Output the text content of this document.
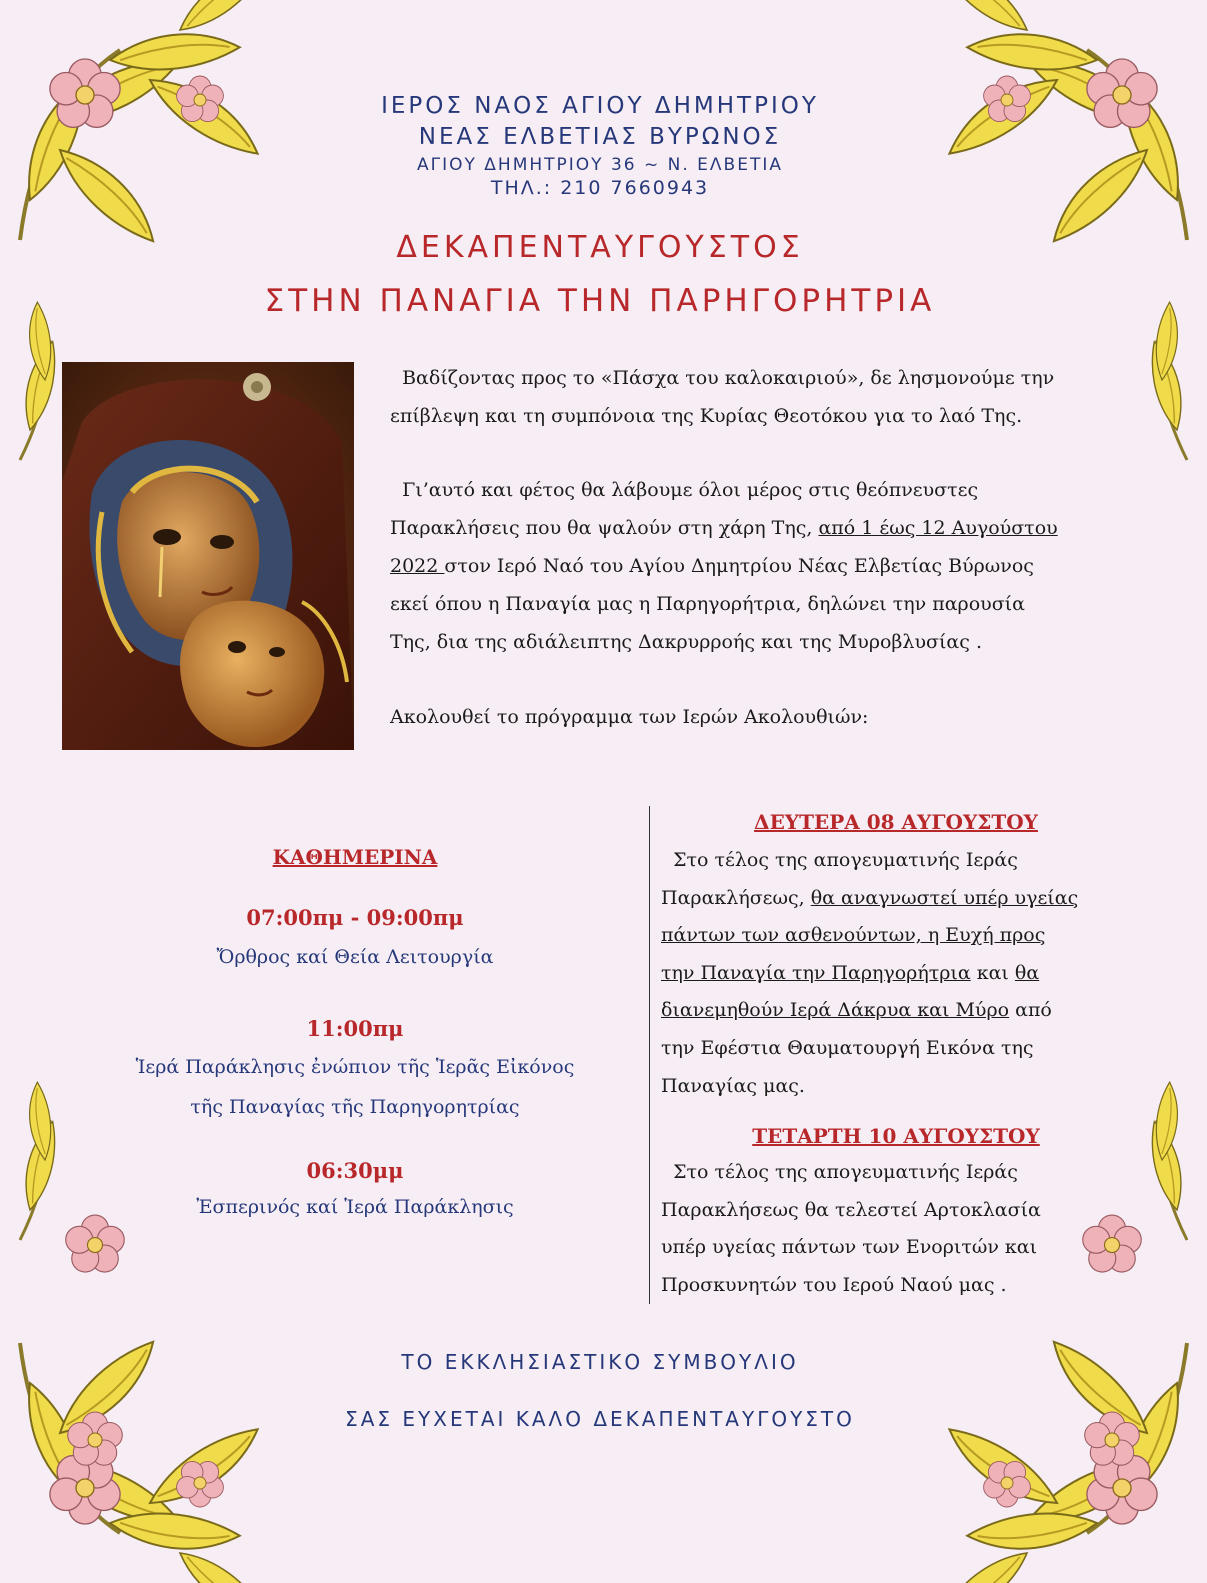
ΙΕΡΟΣ ΝΑΟΣ ΑΓΙΟΥ ΔΗΜΗΤΡΙΟΥ
ΝΕΑΣ ΕΛΒΕΤΙΑΣ ΒΥΡΩΝΟΣ
ΑΓΙΟΥ ΔΗΜΗΤΡΙΟΥ 36 ~ Ν. ΕΛΒΕΤΙΑ
ΤΗΛ.: 210 7660943
ΔΕΚΑΠΕΝΤΑΥΓΟΥΣΤΟΣ
ΣΤΗΝ ΠΑΝΑΓΙΑ ΤΗΝ ΠΑΡΗΓΟΡΗΤΡΙΑ
Βαδίζοντας προς το «Πάσχα του καλοκαιριού», δε λησμονούμε την
επίβλεψη και τη συμπόνοια της Κυρίας Θεοτόκου για το λαό Της.
Γι’αυτό και φέτος θα λάβουμε όλοι μέρος στις θεόπνευστες
Παρακλήσεις που θα ψαλούν στη χάρη Της, από 1 έως 12 Αυγούστου
2022 στον Ιερό Ναό του Αγίου Δημητρίου Νέας Ελβετίας Βύρωνος
εκεί όπου η Παναγία μας η Παρηγορήτρια, δηλώνει την παρουσία
Της, δια της αδιάλειπτης Δακρυρροής και της Μυροβλυσίας .
Ακολουθεί το πρόγραμμα των Ιερών Ακολουθιών:
ΚΑΘΗΜΕΡΙΝΑ
07:00πμ - 09:00πμ
Ὄρθρος καί Θεία Λειτουργία
11:00πμ
Ἱερά Παράκλησις ἐνώπιον τῆς Ἱερᾶς Εἰκόνος
τῆς Παναγίας τῆς Παρηγορητρίας
06:30μμ
Ἐσπερινός καί Ἱερά Παράκλησις
ΔΕΥΤΕΡΑ 08 ΑΥΓΟΥΣΤΟΥ
Στο τέλος της απογευματινής Ιεράς
Παρακλήσεως, θα αναγνωστεί υπέρ υγείας
πάντων των ασθενούντων, η Ευχή προς
την Παναγία την Παρηγορήτρια και θα
διανεμηθούν Ιερά Δάκρυα και Μύρο από
την Εφέστια Θαυματουργή Εικόνα της
Παναγίας μας.
ΤΕΤΑΡΤΗ 10 ΑΥΓΟΥΣΤΟΥ
Στο τέλος της απογευματινής Ιεράς
Παρακλήσεως θα τελεστεί Αρτοκλασία
υπέρ υγείας πάντων των Ενοριτών και
Προσκυνητών του Ιερού Ναού μας .
ΤΟ ΕΚΚΛΗΣΙΑΣΤΙΚΟ ΣΥΜΒΟΥΛΙΟ
ΣΑΣ ΕΥΧΕΤΑΙ ΚΑΛΟ ΔΕΚΑΠΕΝΤΑΥΓΟΥΣΤΟ
